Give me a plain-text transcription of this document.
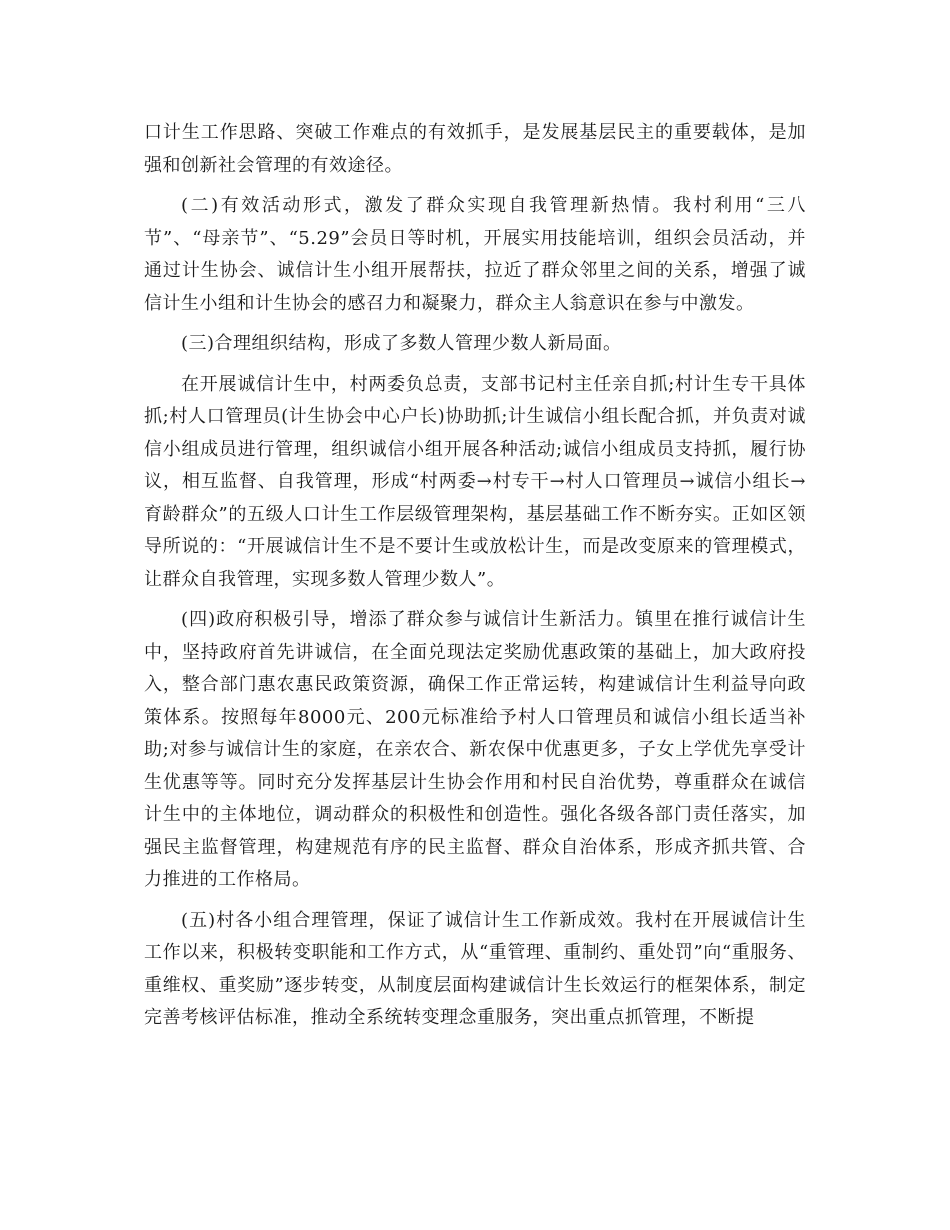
口计生工作思路、突破工作难点的有效抓手，是发展基层民主的重要载体，是加强和创新社会管理的有效途径。

(二)有效活动形式，激发了群众实现自我管理新热情。我村利用“三八节”、“母亲节”、“5.29”会员日等时机，开展实用技能培训，组织会员活动，并通过计生协会、诚信计生小组开展帮扶，拉近了群众邻里之间的关系，增强了诚信计生小组和计生协会的感召力和凝聚力，群众主人翁意识在参与中激发。

(三)合理组织结构，形成了多数人管理少数人新局面。

在开展诚信计生中，村两委负总责，支部书记村主任亲自抓;村计生专干具体抓;村人口管理员(计生协会中心户长)协助抓;计生诚信小组长配合抓，并负责对诚信小组成员进行管理，组织诚信小组开展各种活动;诚信小组成员支持抓，履行协议，相互监督、自我管理，形成“村两委→村专干→村人口管理员→诚信小组长→育龄群众”的五级人口计生工作层级管理架构，基层基础工作不断夯实。正如区领导所说的：“开展诚信计生不是不要计生或放松计生，而是改变原来的管理模式，让群众自我管理，实现多数人管理少数人”。

(四)政府积极引导，增添了群众参与诚信计生新活力。镇里在推行诚信计生中，坚持政府首先讲诚信，在全面兑现法定奖励优惠政策的基础上，加大政府投入，整合部门惠农惠民政策资源，确保工作正常运转，构建诚信计生利益导向政策体系。按照每年8000元、200元标准给予村人口管理员和诚信小组长适当补助;对参与诚信计生的家庭，在亲农合、新农保中优惠更多，子女上学优先享受计生优惠等等。同时充分发挥基层计生协会作用和村民自治优势，尊重群众在诚信计生中的主体地位，调动群众的积极性和创造性。强化各级各部门责任落实，加强民主监督管理，构建规范有序的民主监督、群众自治体系，形成齐抓共管、合力推进的工作格局。

(五)村各小组合理管理，保证了诚信计生工作新成效。我村在开展诚信计生工作以来，积极转变职能和工作方式，从“重管理、重制约、重处罚”向“重服务、重维权、重奖励”逐步转变，从制度层面构建诚信计生长效运行的框架体系，制定完善考核评估标准，推动全系统转变理念重服务，突出重点抓管理，不断提
